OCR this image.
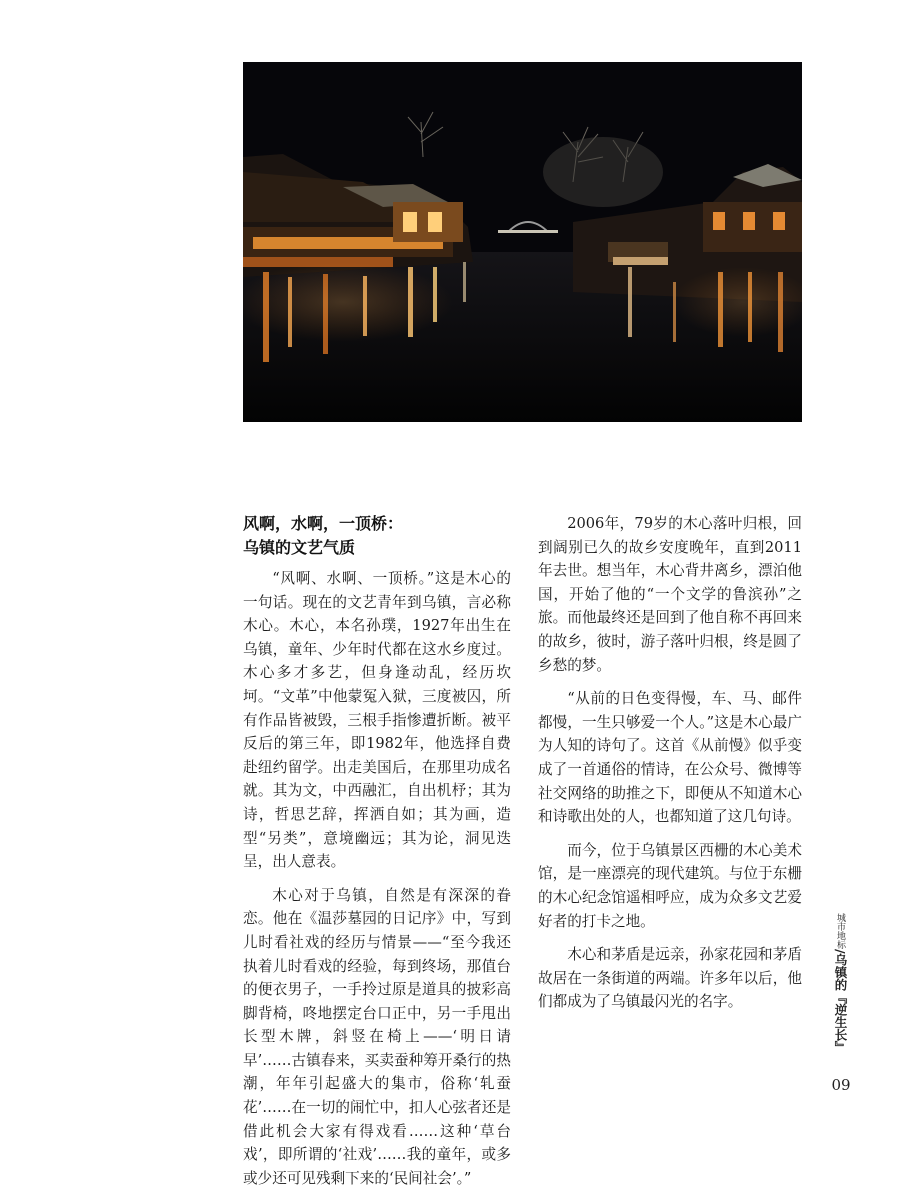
风啊，水啊，一顶桥：
乌镇的文艺气质

“风啊、水啊、一顶桥。”这是木心的一句话。现在的文艺青年到乌镇，言必称木心。木心，本名孙璞，1927年出生在乌镇，童年、少年时代都在这水乡度过。木心多才多艺，但身逢动乱，经历坎坷。“文革”中他蒙冤入狱，三度被囚，所有作品皆被毁，三根手指惨遭折断。被平反后的第三年，即1982年，他选择自费赴纽约留学。出走美国后，在那里功成名就。其为文，中西融汇，自出机杼；其为诗，哲思艺辞，挥洒自如；其为画，造型“另类”，意境幽远；其为论，洞见迭呈，出人意表。

木心对于乌镇，自然是有深深的眷恋。他在《温莎墓园的日记序》中，写到儿时看社戏的经历与情景——“至今我还执着儿时看戏的经验，每到终场，那值台的便衣男子，一手拎过原是道具的披彩高脚背椅，咚地摆定台口正中，另一手甩出长型木牌，斜竖在椅上——‘明日请早’……古镇春来，买卖蚕种筹开桑行的热潮，年年引起盛大的集市，俗称‘轧蚕花’……在一切的闹忙中，扣人心弦者还是借此机会大家有得戏看……这种‘草台戏’，即所谓的‘社戏’……我的童年，或多或少还可见残剩下来的‘民间社会’。”

2006年，79岁的木心落叶归根，回到阔别已久的故乡安度晚年，直到2011年去世。想当年，木心背井离乡，漂泊他国，开始了他的“一个文学的鲁滨孙”之旅。而他最终还是回到了他自称不再回来的故乡，彼时，游子落叶归根，终是圆了乡愁的梦。

“从前的日色变得慢，车、马、邮件都慢，一生只够爱一个人。”这是木心最广为人知的诗句了。这首《从前慢》似乎变成了一首通俗的情诗，在公众号、微博等社交网络的助推之下，即便从不知道木心和诗歌出处的人，也都知道了这几句诗。

而今，位于乌镇景区西栅的木心美术馆，是一座漂亮的现代建筑。与位于东栅的木心纪念馆遥相呼应，成为众多文艺爱好者的打卡之地。

木心和茅盾是远亲，孙家花园和茅盾故居在一条街道的两端。许多年以后，他们都成为了乌镇最闪光的名字。

城市地标/乌镇的『逆生长』
09
